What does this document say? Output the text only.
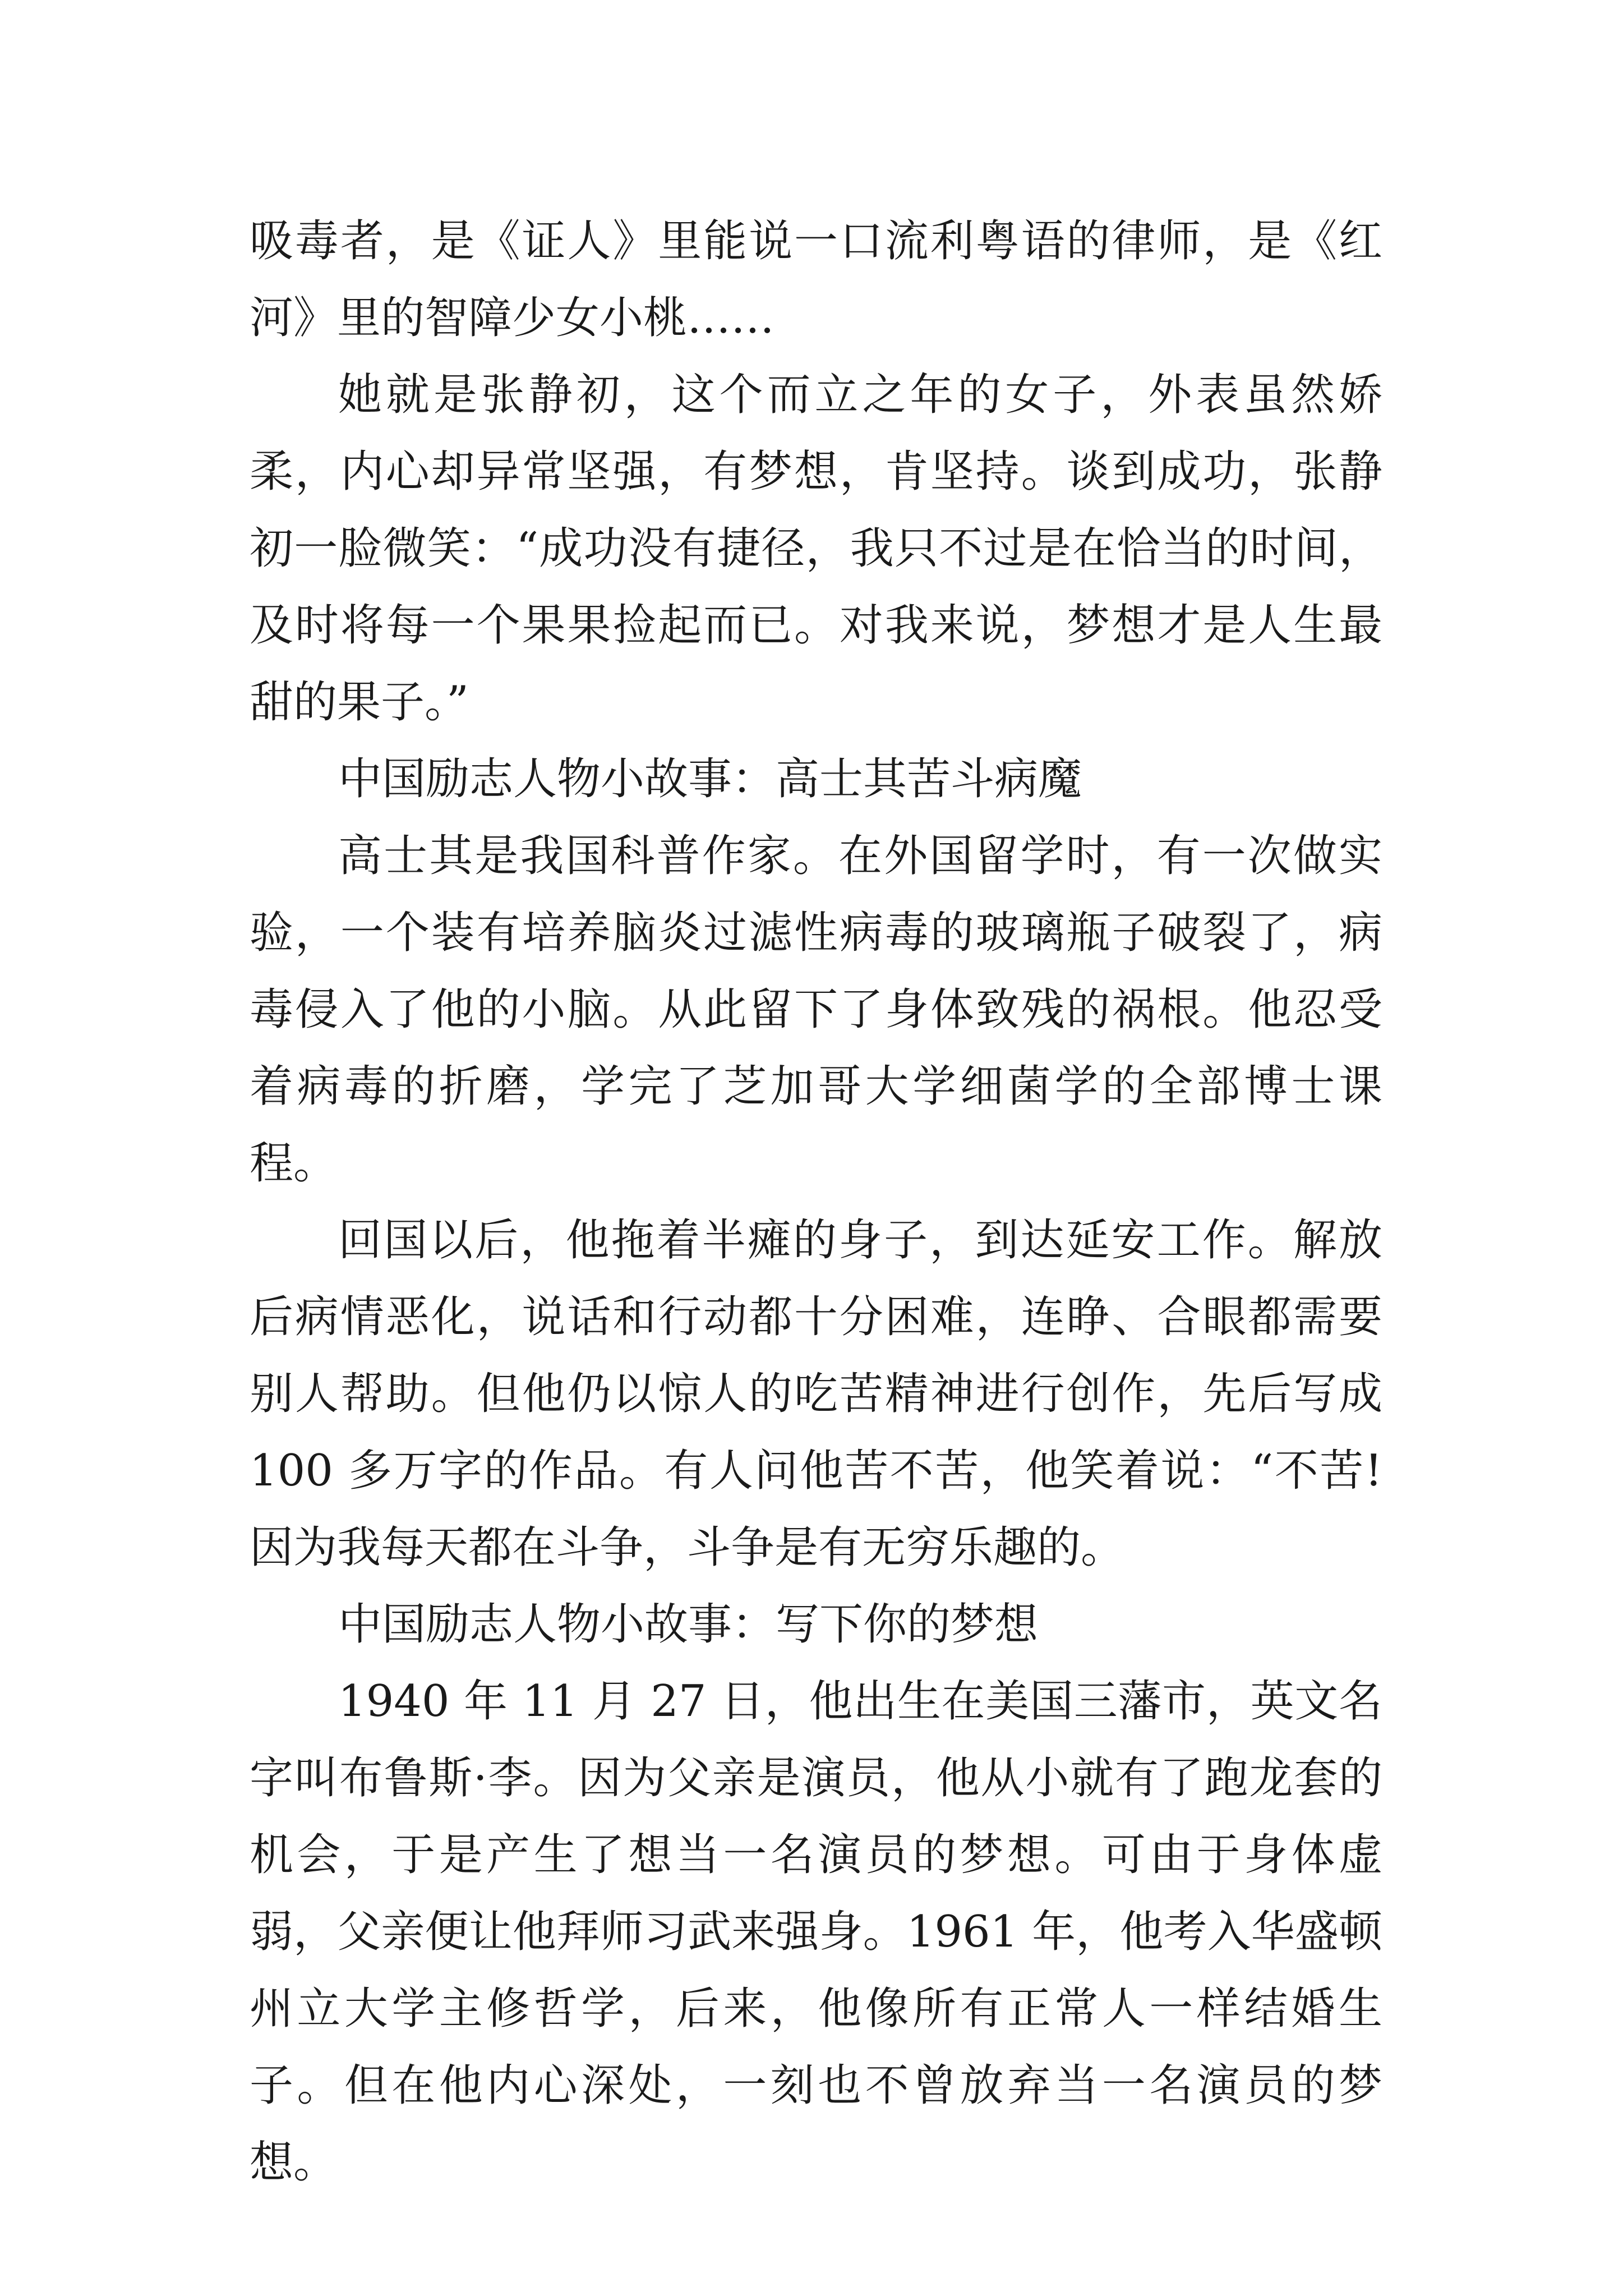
吸毒者，是《证人》里能说一口流利粤语的律师，是《红河》里的智障少女小桃……

她就是张静初，这个而立之年的女子，外表虽然娇柔，内心却异常坚强，有梦想，肯坚持。谈到成功，张静初一脸微笑：“成功没有捷径，我只不过是在恰当的时间，及时将每一个果果捡起而已。对我来说，梦想才是人生最甜的果子。”

中国励志人物小故事：高士其苦斗病魔

高士其是我国科普作家。在外国留学时，有一次做实验，一个装有培养脑炎过滤性病毒的玻璃瓶子破裂了，病毒侵入了他的小脑。从此留下了身体致残的祸根。他忍受着病毒的折磨，学完了芝加哥大学细菌学的全部博士课程。

回国以后，他拖着半瘫的身子，到达延安工作。解放后病情恶化，说话和行动都十分困难，连睁、合眼都需要别人帮助。但他仍以惊人的吃苦精神进行创作，先后写成 100 多万字的作品。有人问他苦不苦，他笑着说：“不苦!因为我每天都在斗争，斗争是有无穷乐趣的。

中国励志人物小故事：写下你的梦想

1940 年 11 月 27 日，他出生在美国三藩市，英文名字叫布鲁斯·李。因为父亲是演员，他从小就有了跑龙套的机会，于是产生了想当一名演员的梦想。可由于身体虚弱，父亲便让他拜师习武来强身。1961 年，他考入华盛顿州立大学主修哲学，后来，他像所有正常人一样结婚生子。但在他内心深处，一刻也不曾放弃当一名演员的梦想。
